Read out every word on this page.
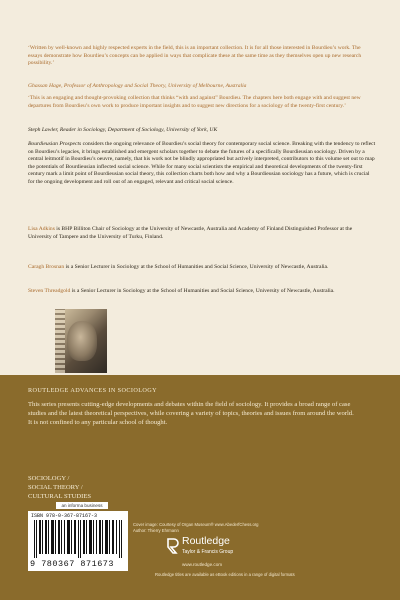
‘Written by well-known and highly respected experts in the field, this is an important collection. It is for all those interested in Bourdieu’s work. The essays demonstrate how Bourdieu’s concepts can be applied in ways that complicate these at the same time as they themselves open up new research possibility.’

Ghassan Hage, Professor of Anthropology and Social Theory, University of Melbourne, Australia

‘This is an engaging and thought-provoking collection that thinks “with and against” Bourdieu. The chapters here both engage with and suggest new departures from Bourdieu’s own work to produce important insights and to suggest new directions for a sociology of the twenty-first century.’

Steph Lawler, Reader in Sociology, Department of Sociology, University of York, UK

Bourdieusian Prospects considers the ongoing relevance of Bourdieu’s social theory for contemporary social science. Breaking with the tendency to reflect on Bourdieu’s legacies, it brings established and emergent scholars together to debate the futures of a specifically Bourdieusian sociology. Driven by a central leitmotif in Bourdieu’s oeuvre, namely, that his work not be blindly appropriated but actively interpreted, contributors to this volume set out to map the potentials of Bourdieusian inflected social science. While for many social scientists the empirical and theoretical developments of the twenty-first century mark a limit point of Bourdieusian social theory, this collection charts both how and why a Bourdieusian sociology has a future, which is crucial for the ongoing development and roll out of an engaged, relevant and critical social science.

Lisa Adkins is BHP Billiton Chair of Sociology at the University of Newcastle, Australia and Academy of Finland Distinguished Professor at the University of Tampere and the University of Turku, Finland.

Caragh Brosnan is a Senior Lecturer in Sociology at the School of Humanities and Social Science, University of Newcastle, Australia.

Steven Threadgold is a Senior Lecturer in Sociology at the School of Humanities and Social Science, University of Newcastle, Australia.

ROUTLEDGE ADVANCES IN SOCIOLOGY

This series presents cutting-edge developments and debates within the field of sociology. It provides a broad range of case studies and the latest theoretical perspectives, while covering a variety of topics, theories and issues from around the world. It is not confined to any particular school of thought.

SOCIOLOGY /
SOCIAL THEORY /
CULTURAL STUDIES
an informa business

ISBN 978-0-367-87167-3

9 780367 871673

Cover image: Courtesy of Organ Museum® www.AbederfChess.org
Author: Thierry Ehrmann

Routledge

Taylor & Francis Group

www.routledge.com

Routledge titles are available as eBook editions in a range of digital formats
